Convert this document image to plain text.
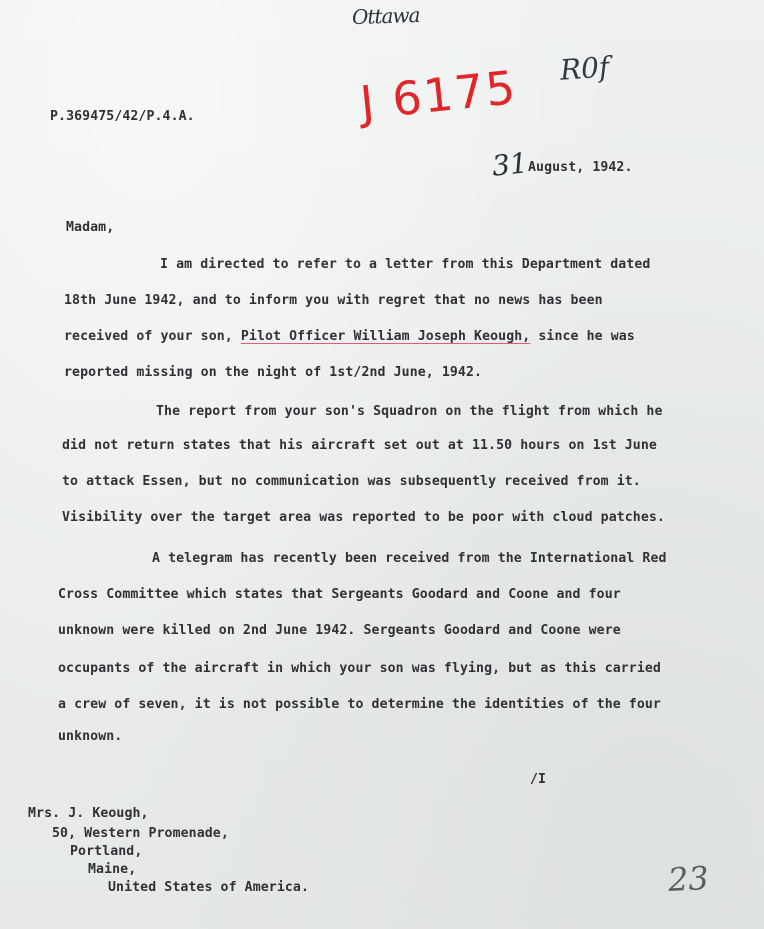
Ottawa
J 6175 R0f
31
23
P.369475/42/P.4.A.
August, 1942.
Madam,
I am directed to refer to a letter from this Department dated
18th June 1942, and to inform you with regret that no news has been
received of your son, Pilot Officer William Joseph Keough, since he was
reported missing on the night of 1st/2nd June, 1942.
The report from your son's Squadron on the flight from which he
did not return states that his aircraft set out at 11.50 hours on 1st June
to attack Essen, but no communication was subsequently received from it.
Visibility over the target area was reported to be poor with cloud patches.
A telegram has recently been received from the International Red
Cross Committee which states that Sergeants Goodard and Coone and four
unknown were killed on 2nd June 1942. Sergeants Goodard and Coone were
occupants of the aircraft in which your son was flying, but as this carried
a crew of seven, it is not possible to determine the identities of the four
unknown.
/I
Mrs. J. Keough,
50, Western Promenade,
Portland,
Maine,
United States of America.
